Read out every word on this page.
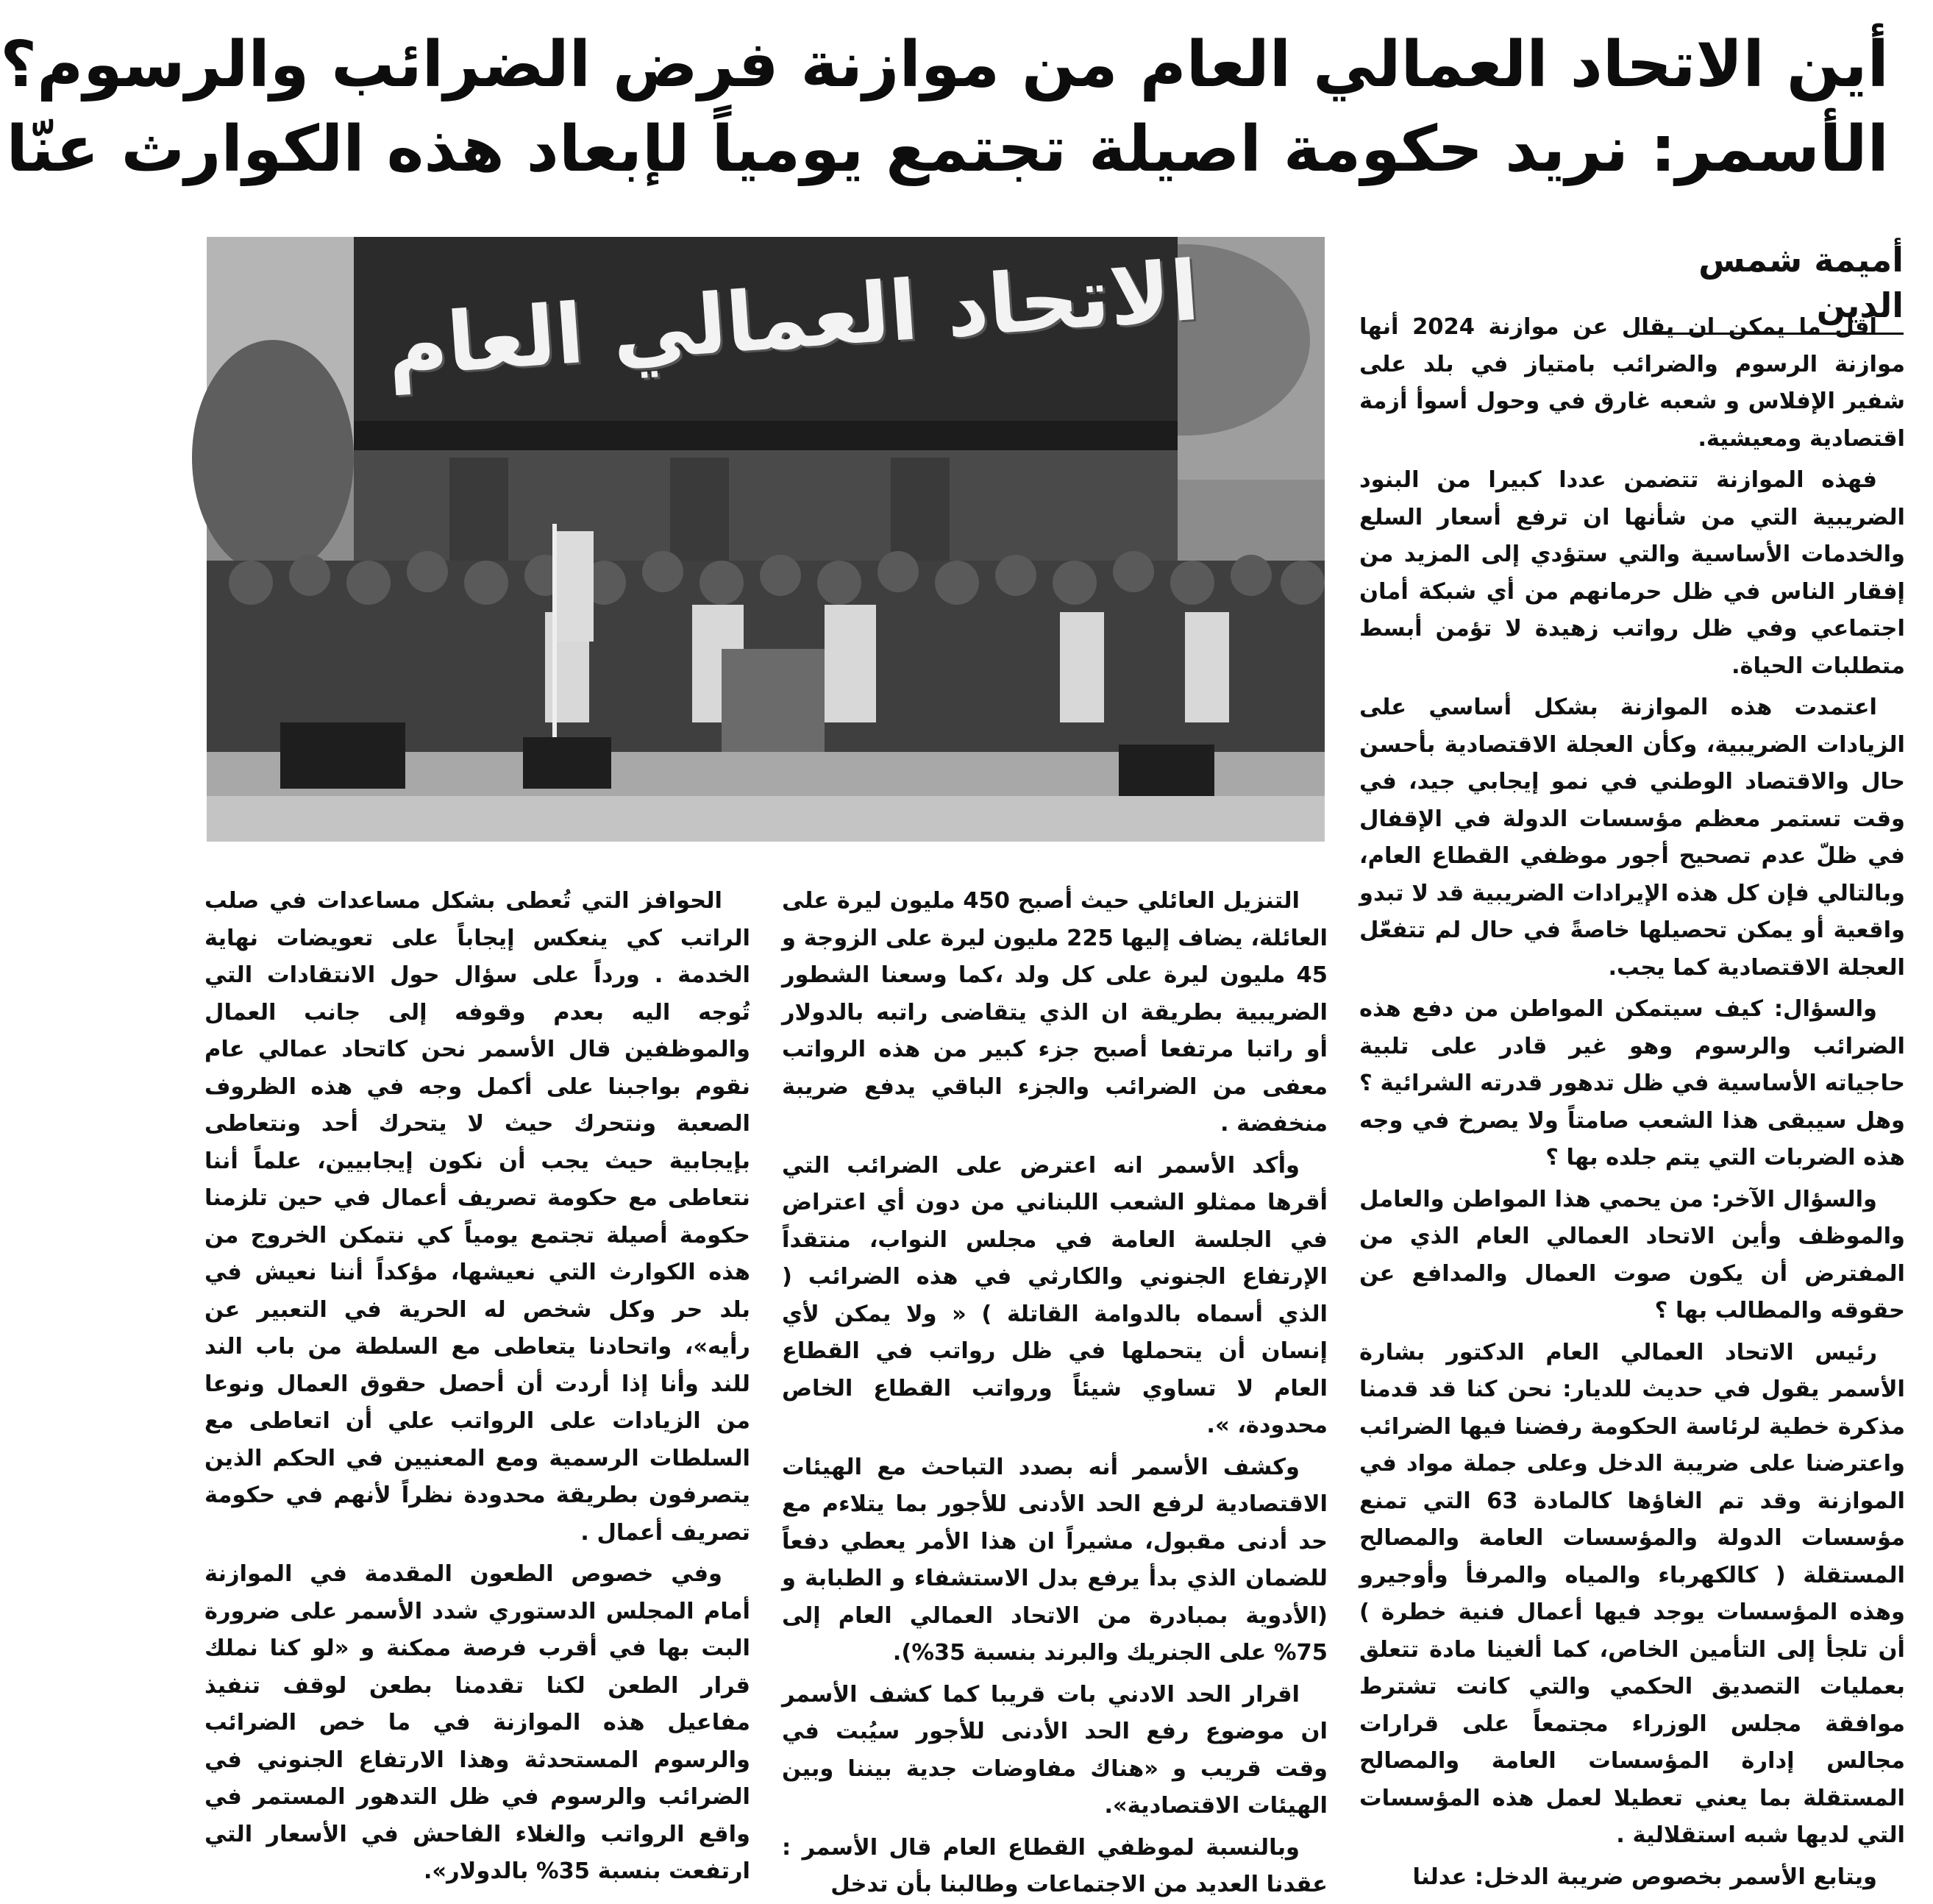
أين الاتحاد العمالي العام من موازنة فرض الضرائب والرسوم؟
الأسمر: نريد حكومة اصيلة تجتمع يومياً لإبعاد هذه الكوارث عنّا
أميمة شمس الدين
الاتحاد العمالي العام	أقل ما يمكن ان يقال عن موازنة 2024 أنها موازنة الرسوم والضرائب بامتياز في بلد على شفير الإفلاس و شعبه غارق في وحول أسوأ أزمة اقتصادية ومعيشية.

فهذه الموازنة تتضمن عددا كبيرا من البنود الضريبية التي من شأنها ان ترفع أسعار السلع والخدمات الأساسية والتي ستؤدي إلى المزيد من إفقار الناس في ظل حرمانهم من أي شبكة أمان اجتماعي وفي ظل رواتب زهيدة لا تؤمن أبسط متطلبات الحياة.

اعتمدت هذه الموازنة بشكل أساسي على الزيادات الضريبية، وكأن العجلة الاقتصادية بأحسن حال والاقتصاد الوطني في نمو إيجابي جيد، في وقت تستمر معظم مؤسسات الدولة في الإقفال في ظلّ عدم تصحيح أجور موظفي القطاع العام، وبالتالي فإن كل هذه الإيرادات الضريبية قد لا تبدو واقعية أو يمكن تحصيلها خاصةً في حال لم تتفعّل العجلة الاقتصادية كما يجب.

والسؤال: كيف سيتمكن المواطن من دفع هذه الضرائب والرسوم وهو غير قادر على تلبية حاجياته الأساسية في ظل تدهور قدرته الشرائية ؟ وهل سيبقى هذا الشعب صامتاً ولا يصرخ في وجه هذه الضربات التي يتم جلده بها ؟

والسؤال الآخر: من يحمي هذا المواطن والعامل والموظف وأين الاتحاد العمالي العام الذي من المفترض أن يكون صوت العمال والمدافع عن حقوقه والمطالب بها ؟

رئيس الاتحاد العمالي العام الدكتور بشارة الأسمر يقول في حديث للديار: نحن كنا قد قدمنا مذكرة خطية لرئاسة الحكومة رفضنا فيها الضرائب واعترضنا على ضريبة الدخل وعلى جملة مواد في الموازنة وقد تم الغاؤها كالمادة 63 التي تمنع مؤسسات الدولة والمؤسسات العامة والمصالح المستقلة ( كالكهرباء والمياه والمرفأ وأوجيرو وهذه المؤسسات يوجد فيها أعمال فنية خطرة ) أن تلجأ إلى التأمين الخاص، كما ألغينا مادة تتعلق بعمليات التصديق الحكمي والتي كانت تشترط موافقة مجلس الوزراء مجتمعاً على قرارات مجالس إدارة المؤسسات العامة والمصالح المستقلة بما يعني تعطيلا لعمل هذه المؤسسات التي لديها شبه استقلالية .

ويتابع الأسمر بخصوص ضريبة الدخل: عدلنا

التنزيل العائلي حيث أصبح 450 مليون ليرة على العائلة، يضاف إليها 225 مليون ليرة على الزوجة و 45 مليون ليرة على كل ولد ،كما وسعنا الشطور الضريبية بطريقة ان الذي يتقاضى راتبه بالدولار أو راتبا مرتفعا أصبح جزء كبير من هذه الرواتب معفى من الضرائب والجزء الباقي يدفع ضريبة منخفضة .

وأكد الأسمر انه اعترض على الضرائب التي أقرها ممثلو الشعب اللبناني من دون أي اعتراض في الجلسة العامة في مجلس النواب، منتقداً الإرتفاع الجنوني والكارثي في هذه الضرائب ( الذي أسماه بالدوامة القاتلة ) « ولا يمكن لأي إنسان أن يتحملها في ظل رواتب في القطاع العام لا تساوي شيئاً ورواتب القطاع الخاص محدودة، ».

وكشف الأسمر أنه بصدد التباحث مع الهيئات الاقتصادية لرفع الحد الأدنى للأجور بما يتلاءم مع حد أدنى مقبول، مشيراً ان هذا الأمر يعطي دفعاً للضمان الذي بدأ يرفع بدل الاستشفاء و الطبابة و (الأدوية بمبادرة من الاتحاد العمالي العام إلى 75% على الجنريك والبرند بنسبة 35%).

اقرار الحد الادني بات قريبا كما كشف الأسمر ان موضوع رفع الحد الأدنى للأجور سيُبت في وقت قريب و «هناك مفاوضات جدية بيننا وبين الهيئات الاقتصادية».

وبالنسبة لموظفي القطاع العام قال الأسمر : عقدنا العديد من الاجتماعات وطالبنا بأن تدخل

الحوافز التي تُعطى بشكل مساعدات في صلب الراتب كي ينعكس إيجاباً على تعويضات نهاية الخدمة . ورداً على سؤال حول الانتقادات التي تُوجه اليه بعدم وقوفه إلى جانب العمال والموظفين قال الأسمر نحن كاتحاد عمالي عام نقوم بواجبنا على أكمل وجه في هذه الظروف الصعبة ونتحرك حيث لا يتحرك أحد ونتعاطى بإيجابية حيث يجب أن نكون إيجابيين، علماً أننا نتعاطى مع حكومة تصريف أعمال في حين تلزمنا حكومة أصيلة تجتمع يومياً كي نتمكن الخروج من هذه الكوارث التي نعيشها، مؤكداً أننا نعيش في بلد حر وكل شخص له الحرية في التعبير عن رأيه»، واتحادنا يتعاطى مع السلطة من باب الند للند وأنا إذا أردت أن أحصل حقوق العمال ونوعا من الزيادات على الرواتب علي أن اتعاطى مع السلطات الرسمية ومع المعنيين في الحكم الذين يتصرفون بطريقة محدودة نظراً لأنهم في حكومة تصريف أعمال .

وفي خصوص الطعون المقدمة في الموازنة أمام المجلس الدستوري شدد الأسمر على ضرورة البت بها في أقرب فرصة ممكنة و «لو كنا نملك قرار الطعن لكنا تقدمنا بطعن لوقف تنفيذ مفاعيل هذه الموازنة في ما خص الضرائب والرسوم المستحدثة وهذا الارتفاع الجنوني في الضرائب والرسوم في ظل التدهور المستمر في واقع الرواتب والغلاء الفاحش في الأسعار التي ارتفعت بنسبة 35% بالدولار».
